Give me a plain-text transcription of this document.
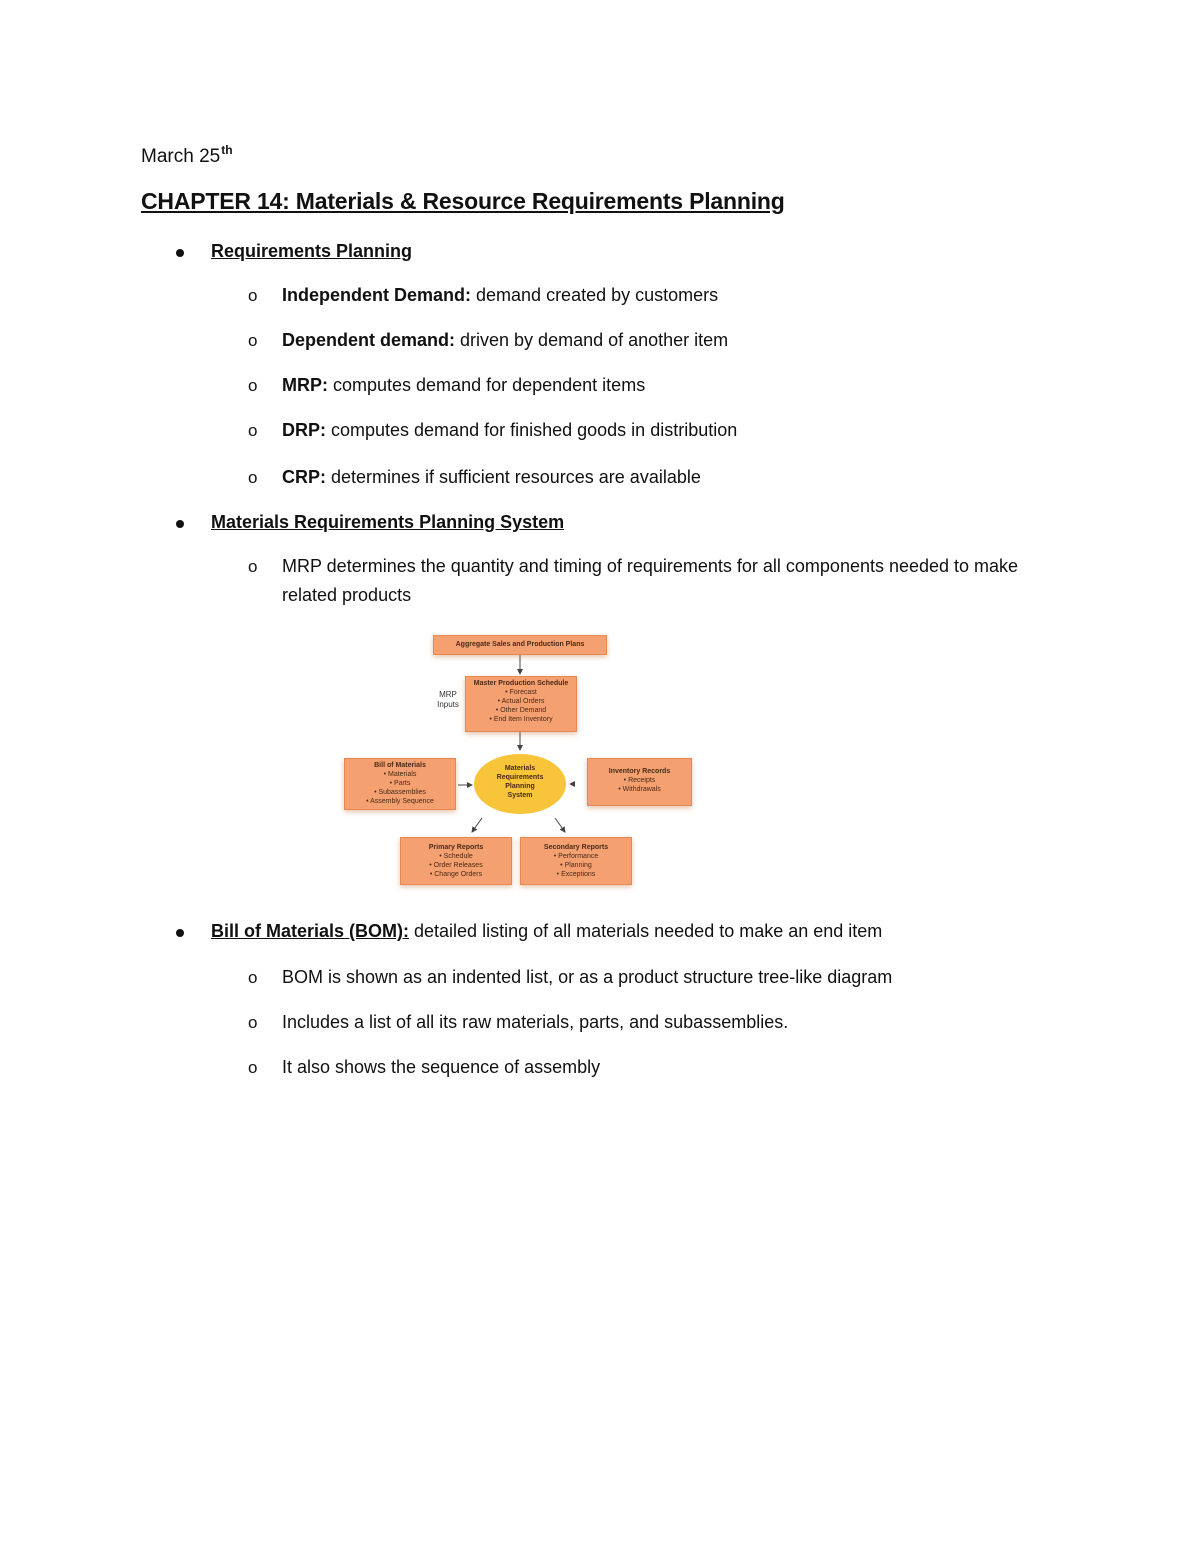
March 25th
CHAPTER 14: Materials & Resource Requirements Planning
Requirements Planning
o Independent Demand: demand created by customers
o Dependent demand: driven by demand of another item
o MRP: computes demand for dependent items
o DRP: computes demand for finished goods in distribution
o CRP: determines if sufficient resources are available
Materials Requirements Planning System
o MRP determines the quantity and timing of requirements for all components needed to make related products
Aggregate Sales and Production Plans
Master Production Schedule
• Forecast
• Actual Orders
• Other Demand
• End Item Inventory
MRP
Inputs
Materials
Requirements
Planning
System
Bill of Materials
• Materials
• Parts
• Subassemblies
• Assembly Sequence
Inventory Records
• Receipts
• Withdrawals
Primary Reports
• Schedule
• Order Releases
• Change Orders
Secondary Reports
• Performance
• Planning
• Exceptions
Bill of Materials (BOM): detailed listing of all materials needed to make an end item
o BOM is shown as an indented list, or as a product structure tree-like diagram
o Includes a list of all its raw materials, parts, and subassemblies.
o It also shows the sequence of assembly
